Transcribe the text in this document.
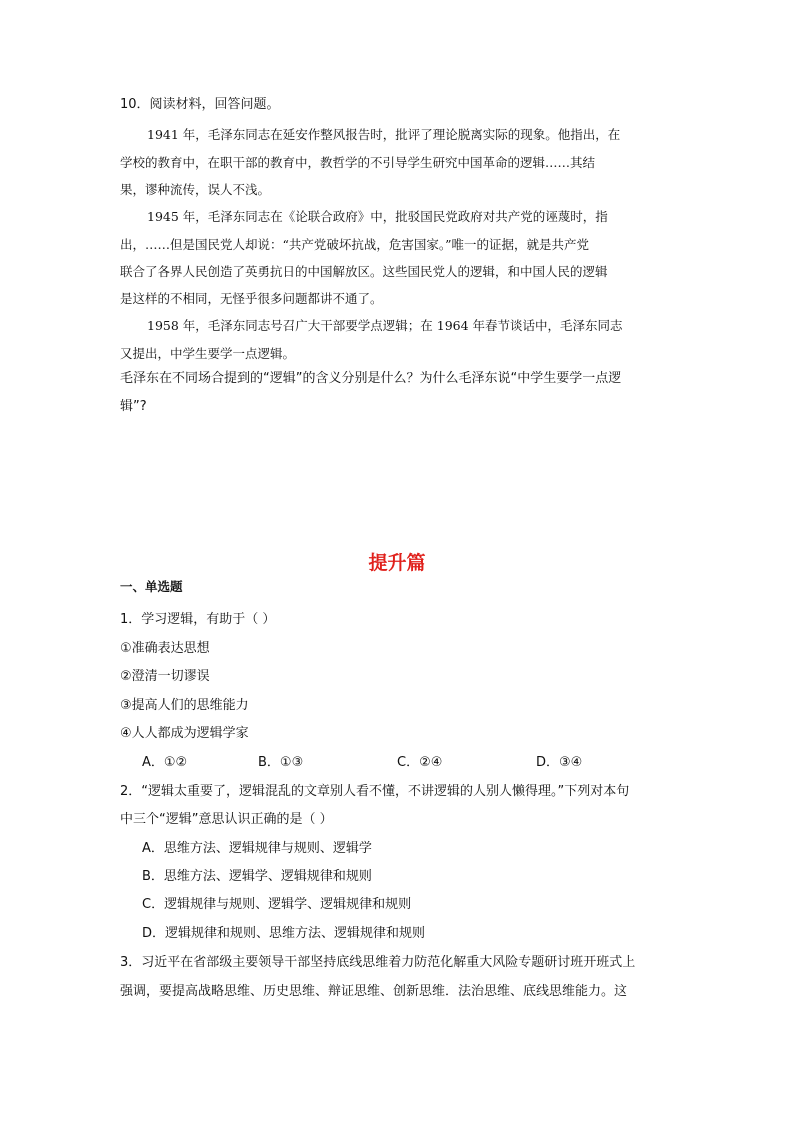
10．阅读材料，回答问题。
1941 年，毛泽东同志在延安作整风报告时，批评了理论脱离实际的现象。他指出，在
学校的教育中，在职干部的教育中，教哲学的不引导学生研究中国革命的逻辑……其结
果，谬种流传，误人不浅。
1945 年，毛泽东同志在《论联合政府》中，批驳国民党政府对共产党的诬蔑时，指
出，……但是国民党人却说：“共产党破坏抗战，危害国家。”唯一的证据，就是共产党
联合了各界人民创造了英勇抗日的中国解放区。这些国民党人的逻辑，和中国人民的逻辑
是这样的不相同，无怪乎很多问题都讲不通了。
1958 年，毛泽东同志号召广大干部要学点逻辑；在 1964 年春节谈话中，毛泽东同志
又提出，中学生要学一点逻辑。
毛泽东在不同场合提到的“逻辑”的含义分别是什么？为什么毛泽东说“中学生要学一点逻
辑”?
提升篇
一、单选题
1．学习逻辑，有助于（ ）
①准确表达思想
②澄清一切谬误
③提高人们的思维能力
④人人都成为逻辑学家
A．①②	B．①③	C．②④	D．③④
2．“逻辑太重要了，逻辑混乱的文章别人看不懂，不讲逻辑的人别人懒得理。”下列对本句
中三个“逻辑”意思认识正确的是（ ）
A．思维方法、逻辑规律与规则、逻辑学
B．思维方法、逻辑学、逻辑规律和规则
C．逻辑规律与规则、逻辑学、逻辑规律和规则
D．逻辑规律和规则、思维方法、逻辑规律和规则
3．习近平在省部级主要领导干部坚持底线思维着力防范化解重大风险专题研讨班开班式上
强调，要提高战略思维、历史思维、辩证思维、创新思维．法治思维、底线思维能力。这
